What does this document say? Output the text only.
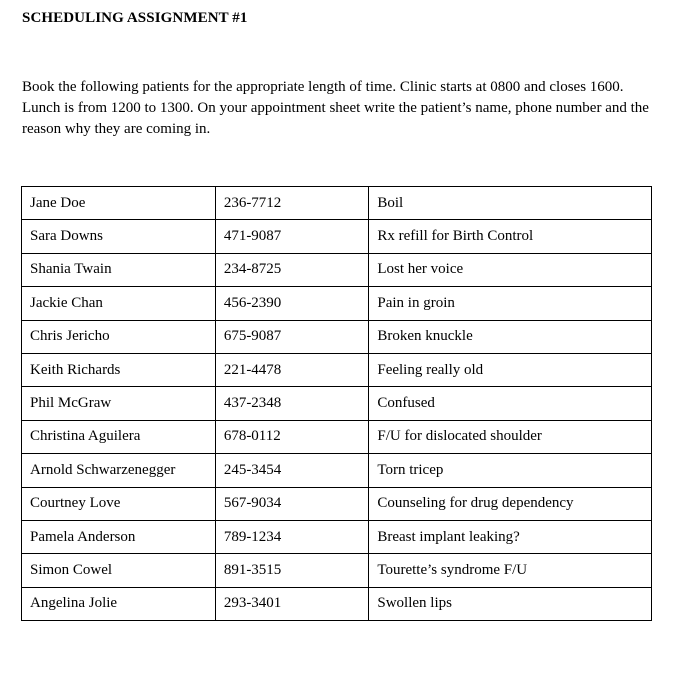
SCHEDULING ASSIGNMENT #1
Book the following patients for the appropriate length of time. Clinic starts at 0800 and closes 1600. Lunch is from 1200 to 1300. On your appointment sheet write the patient’s name, phone number and the reason why they are coming in.
Jane Doe	236-7712	Boil
Sara Downs	471-9087	Rx refill for Birth Control
Shania Twain	234-8725	Lost her voice
Jackie Chan	456-2390	Pain in groin
Chris Jericho	675-9087	Broken knuckle
Keith Richards	221-4478	Feeling really old
Phil McGraw	437-2348	Confused
Christina Aguilera	678-0112	F/U for dislocated shoulder
Arnold Schwarzenegger	245-3454	Torn tricep
Courtney Love	567-9034	Counseling for drug dependency
Pamela Anderson	789-1234	Breast implant leaking?
Simon Cowel	891-3515	Tourette’s syndrome F/U
Angelina Jolie	293-3401	Swollen lips
